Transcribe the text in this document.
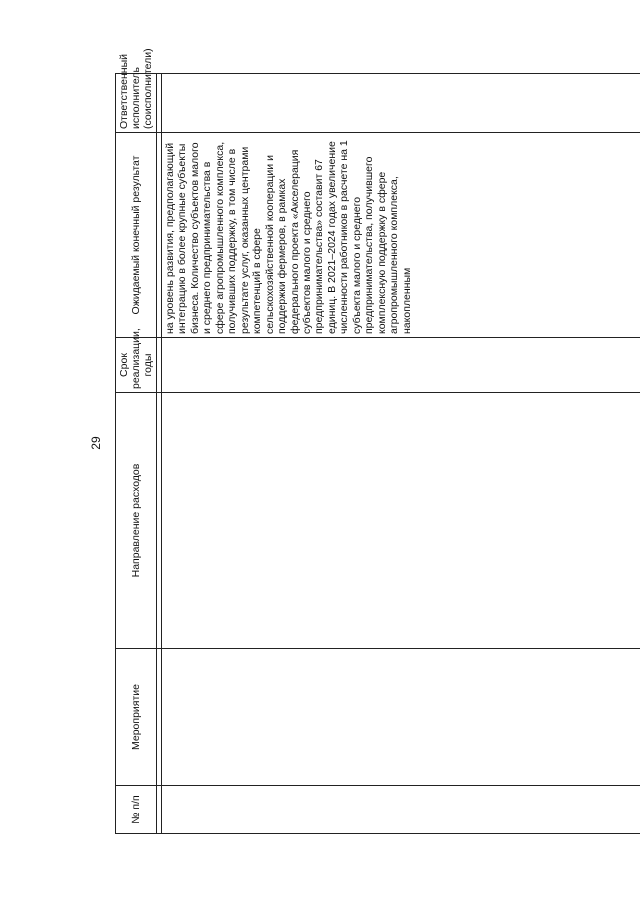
29
№ п/п	Мероприятие	Направление расходов	Срок реализации, годы	Ожидаемый конечный результат	Ответственный исполнитель (соисполнители)

				на уровень развития, предполагающий интеграцию в более крупные субъекты бизнеса. Количество субъектов малого и среднего предпринимательства в сфере агропромышленного комплекса, получивших поддержку, в том числе в результате услуг, оказанных центрами компетенций в сфере сельскохозяйственной кооперации и поддержки фермеров, в рамках федерального проекта «Акселерация субъектов малого и среднего предпринимательства» составит 67 единиц. В 2021–2024 годах увеличение численности работников в расчете на 1 субъекта малого и среднего предпринимательства, получившего комплексную поддержку в сфере агропромышленного комплекса, накопленным	
